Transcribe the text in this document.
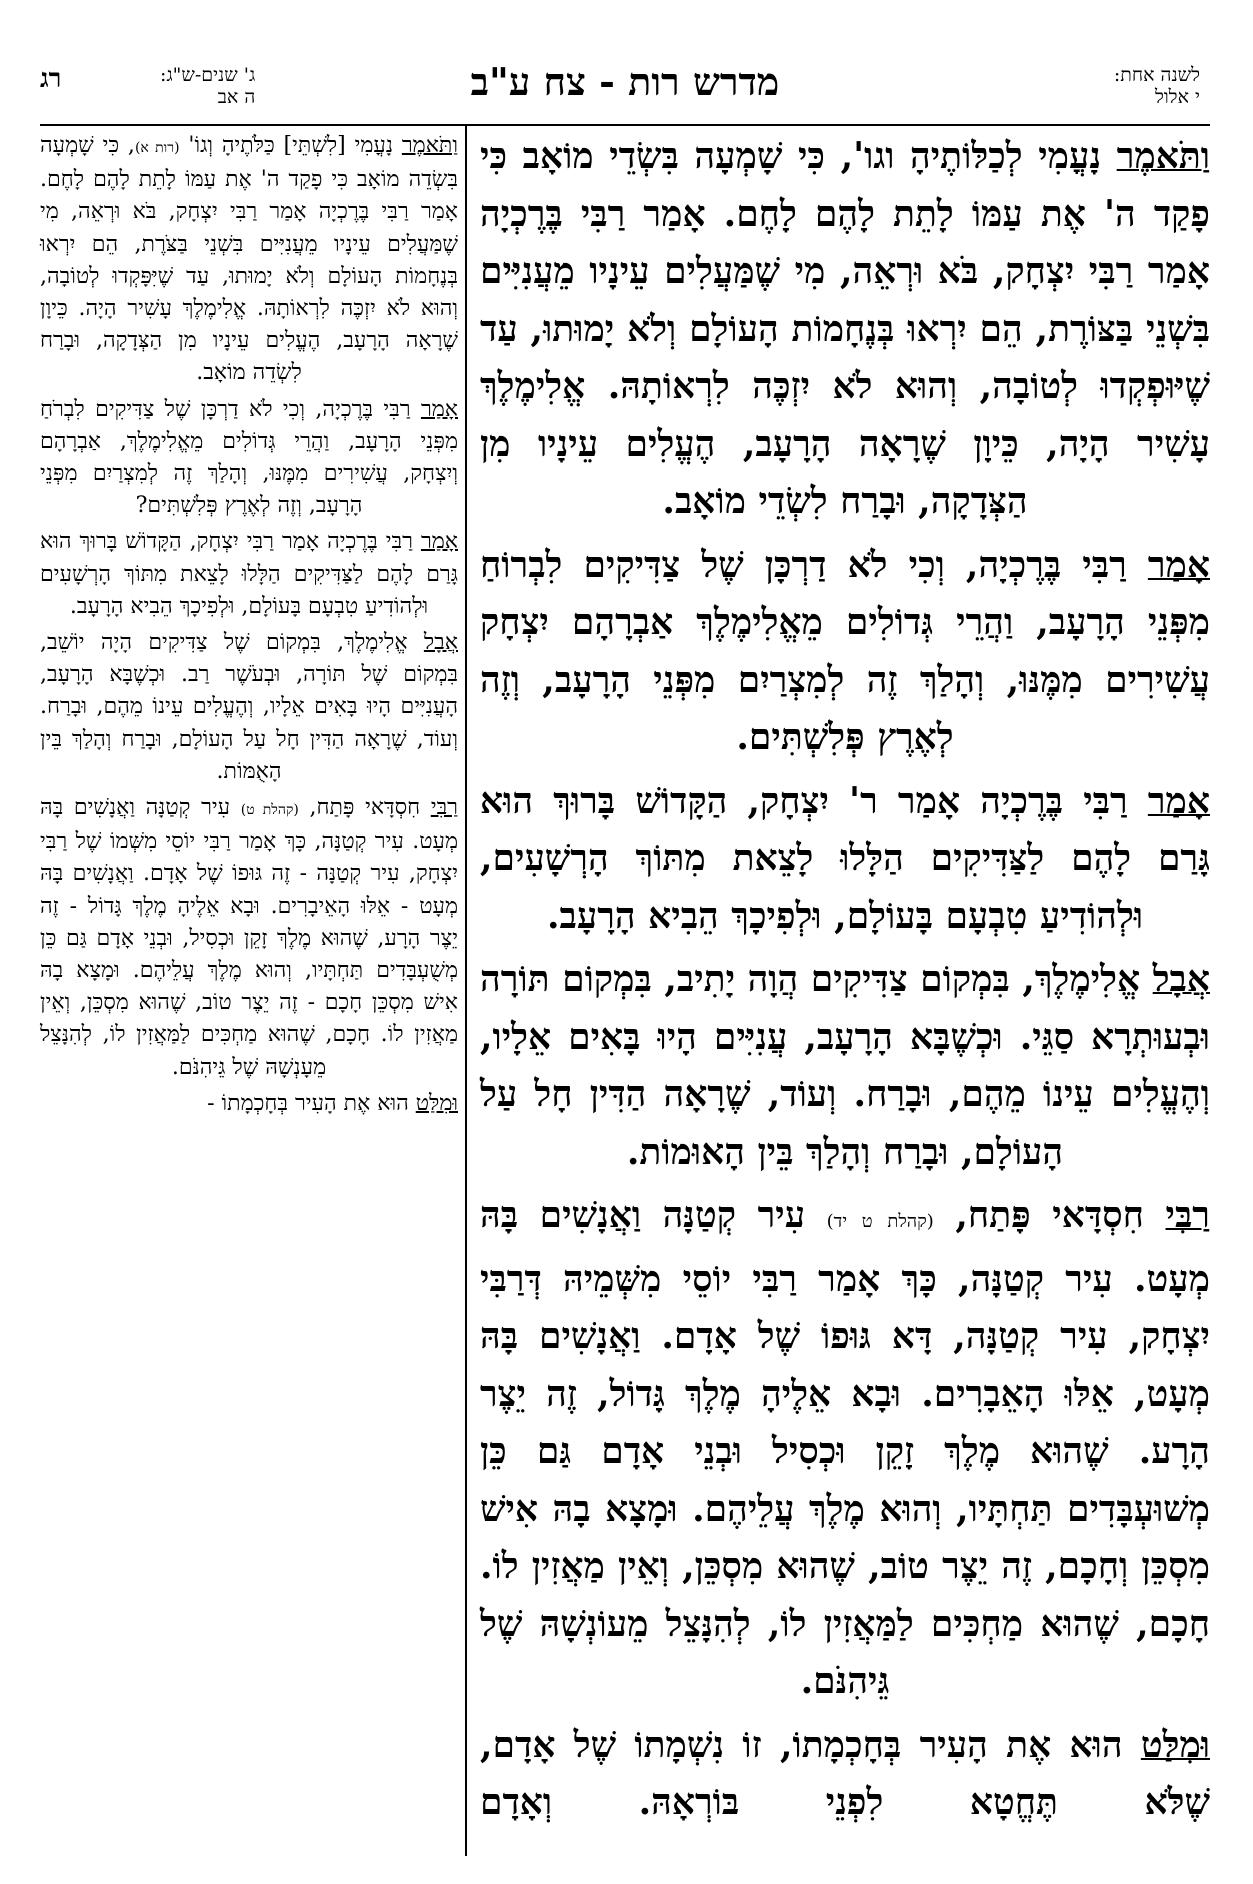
לשנה אחת:
י אלול
מדרש רות - צח ע"ב
ג' שנים-ש"ג:
ה אב
רג

וַתֹּאמֶר נָעֳמִי לְכַלּוֹתֶיהָ וגו', כִּי שָׁמְעָה בִּשְׂדֵי מוֹאָב כִּי פָקַד ה' אֶת עַמּוֹ לָתֵת לָהֶם לָחֶם. אָמַר רַבִּי בֶּרֶכְיָה אָמַר רַבִּי יִצְחָק, בֹּא וּרְאֵה, מִי שֶׁמַּעֲלִים עֵינָיו מֵעֲנִיִּים בִּשְׁנֵי בַּצּוֹרֶת, הֵם יִרְאוּ בְּנֶחָמוֹת הָעוֹלָם וְלֹא יָמוּתוּ, עַד שֶׁיּוּפְקְדוּ לְטוֹבָה, וְהוּא לֹא יִזְכֶּה לִרְאוֹתָהּ. אֱלִימֶלֶךְ עָשִׁיר הָיָה, כֵּיוָן שֶׁרָאָה הָרָעָב, הֶעֱלִים עֵינָיו מִן הַצְּדָקָה, וּבָרַח לִשְׂדֵי מוֹאָב.

אָמַר רַבִּי בֶּרֶכְיָה, וְכִי לֹא דַרְכָּן שֶׁל צַדִּיקִים לִבְרוֹחַ מִפְּנֵי הָרָעָב, וַהֲרֵי גְּדוֹלִים מֵאֱלִימֶלֶךְ אַבְרָהָם יִצְחָק עֲשִׁירִים מִמֶּנּוּ, וְהָלַךְ זֶה לְמִצְרַיִם מִפְּנֵי הָרָעָב, וְזֶה לְאֶרֶץ פְּלִשְׁתִּים.

אָמַר רַבִּי בֶּרֶכְיָה אָמַר ר' יִצְחָק, הַקָּדוֹשׁ בָּרוּךְ הוּא גָּרַם לָהֶם לַצַּדִּיקִים הַלָּלוּ לָצֵאת מִתּוֹךְ הָרְשָׁעִים, וּלְהוֹדִיעַ טִבְעָם בָּעוֹלָם, וּלְפִיכָךְ הֵבִיא הָרָעָב.

אֲבָל אֱלִימֶלֶךְ, בִּמְקוֹם צַדִּיקִים הֲוָה יָתִיב, בִּמְקוֹם תּוֹרָה וּבְעוּתְרָא סַגֵּי. וּכְשֶׁבָּא הָרָעָב, עֲנִיִּים הָיוּ בָּאִים אֵלָיו, וְהֶעֱלִים עֵינוֹ מֵהֶם, וּבָרַח. וְעוֹד, שֶׁרָאָה הַדִּין חָל עַל הָעוֹלָם, וּבָרַח וְהָלַךְ בֵּין הָאוּמוֹת.

רַבִּי חִסְדָּאי פָּתַח, (קהלת ט יד) עִיר קְטַנָּה וַאֲנָשִׁים בָּהּ מְעָט. עִיר קְטַנָּה, כָּךְ אָמַר רַבִּי יוֹסֵי מִשְּׁמֵיהּ דְּרַבִּי יִצְחָק, עִיר קְטַנָּה, דָּא גּוּפוֹ שֶׁל אָדָם. וַאֲנָשִׁים בָּהּ מְעָט, אֵלּוּ הָאֵבָרִים. וּבָא אֵלֶיהָ מֶלֶךְ גָּדוֹל, זֶה יֵצֶר הָרָע. שֶׁהוּא מֶלֶךְ זָקֵן וּכְסִיל וּבְנֵי אָדָם גַּם כֵּן מְשׁוּעְבָּדִים תַּחְתָּיו, וְהוּא מֶלֶךְ עֲלֵיהֶם. וּמָצָא בָהּ אִישׁ מִסְכֵּן וְחָכָם, זֶה יֵצֶר טוֹב, שֶׁהוּא מִסְכֵּן, וְאֵין מַאֲזִין לוֹ. חָכָם, שֶׁהוּא מַחְכִּים לַמַּאֲזִין לוֹ, לְהִנָּצֵל מֵעוֹנְשָׁהּ שֶׁל גֵּיהִנֹּם.

וּמִלַּט הוּא אֶת הָעִיר בְּחָכְמָתוֹ, זוֹ נִשְׁמָתוֹ שֶׁל אָדָם, שֶׁלֹּא תֶּחֱטָא לִפְנֵי בּוֹרְאָהּ. וְאָדָם

וַתֹּאמֶר נָעֳמִי [לִשְׁתֵּי] כַּלֹּתֶיהָ וְגוֹ' (רות א), כִּי שָׁמְעָה בִּשְׂדֵה מוֹאָב כִּי פָקַד ה' אֶת עַמּוֹ לָתֵת לָהֶם לָחֶם. אָמַר רַבִּי בֶּרֶכְיָה אָמַר רַבִּי יִצְחָק, בֹּא וּרְאֵה, מִי שֶׁמַּעֲלִים עֵינָיו מֵעֲנִיִּים בִּשְׁנֵי בַּצֹּרֶת, הֵם יִרְאוּ בְּנֶחָמוֹת הָעוֹלָם וְלֹא יָמוּתוּ, עַד שֶׁיִּפָּקְדוּ לְטוֹבָה, וְהוּא לֹא יִזְכֶּה לִרְאוֹתָהּ. אֱלִימֶלֶךְ עָשִׁיר הָיָה. כֵּיוָן שֶׁרָאָה הָרָעָב, הֶעֱלִים עֵינָיו מִן הַצְּדָקָה, וּבָרַח לִשְׂדֵה מוֹאָב.

אָמַר רַבִּי בֶּרֶכְיָה, וְכִי לֹא דַרְכָּן שֶׁל צַדִּיקִים לִבְרֹחַ מִפְּנֵי הָרָעָב, וַהֲרֵי גְּדוֹלִים מֵאֱלִימֶלֶךְ, אַבְרָהָם וְיִצְחָק, עֲשִׁירִים מִמֶּנּוּ, וְהָלַךְ זֶה לְמִצְרַיִם מִפְּנֵי הָרָעָב, וְזֶה לְאֶרֶץ פְּלִשְׁתִּים?

אָמַר רַבִּי בֶּרֶכְיָה אָמַר רַבִּי יִצְחָק, הַקָּדוֹשׁ בָּרוּךְ הוּא גָּרַם לָהֶם לַצַּדִּיקִים הַלָּלוּ לָצֵאת מִתּוֹךְ הָרְשָׁעִים וּלְהוֹדִיעַ טִבְעָם בָּעוֹלָם, וּלְפִיכָךְ הֵבִיא הָרָעָב.

אֲבָל אֱלִימֶלֶךְ, בִּמְקוֹם שֶׁל צַדִּיקִים הָיָה יוֹשֵׁב, בִּמְקוֹם שֶׁל תּוֹרָה, וּבְעֹשֶׁר רַב. וּכְשֶׁבָּא הָרָעָב, הָעֲנִיִּים הָיוּ בָּאִים אֵלָיו, וְהֶעֱלִים עֵינוֹ מֵהֶם, וּבָרַח. וְעוֹד, שֶׁרָאָה הַדִּין חָל עַל הָעוֹלָם, וּבָרַח וְהָלַךְ בֵּין הָאֻמּוֹת.

רַבִּי חִסְדָּאי פָּתַח, (קהלת ט) עִיר קְטַנָּה וַאֲנָשִׁים בָּהּ מְעָט. עִיר קְטַנָּה, כָּךְ אָמַר רַבִּי יוֹסֵי מִשְּׁמוֹ שֶׁל רַבִּי יִצְחָק, עִיר קְטַנָּה - זֶה גּוּפוֹ שֶׁל אָדָם. וַאֲנָשִׁים בָּהּ מְעָט - אֵלּוּ הָאֵיבָרִים. וּבָא אֵלֶיהָ מֶלֶךְ גָּדוֹל - זֶה יֵצֶר הָרָע, שֶׁהוּא מֶלֶךְ זָקֵן וּכְסִיל, וּבְנֵי אָדָם גַּם כֵּן מְשֻׁעְבָּדִים תַּחְתָּיו, וְהוּא מֶלֶךְ עֲלֵיהֶם. וּמָצָא בָהּ אִישׁ מִסְכֵּן חָכָם - זֶה יֵצֶר טוֹב, שֶׁהוּא מִסְכֵּן, וְאֵין מַאֲזִין לוֹ. חָכָם, שֶׁהוּא מַחְכִּים לַמַּאֲזִין לוֹ, לְהִנָּצֵל מֵעָנְשָׁהּ שֶׁל גֵּיהִנֹּם.

וּמִלַּט הוּא אֶת הָעִיר בְּחָכְמָתוֹ -
